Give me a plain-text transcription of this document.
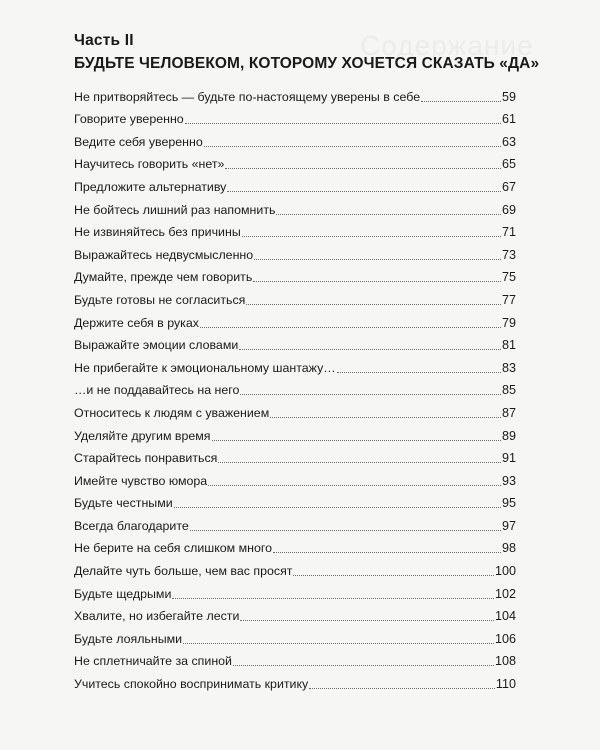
Содержание
Часть II
БУДЬТЕ ЧЕЛОВЕКОМ, КОТОРОМУ ХОЧЕТСЯ СКАЗАТЬ «ДА»
Не притворяйтесь — будьте по-настоящему уверены в себе	59
Говорите уверенно	61
Ведите себя уверенно	63
Научитесь говорить «нет»	65
Предложите альтернативу	67
Не бойтесь лишний раз напомнить	69
Не извиняйтесь без причины	71
Выражайтесь недвусмысленно	73
Думайте, прежде чем говорить	75
Будьте готовы не согласиться	77
Держите себя в руках	79
Выражайте эмоции словами	81
Не прибегайте к эмоциональному шантажу…	83
…и не поддавайтесь на него	85
Относитесь к людям с уважением	87
Уделяйте другим время	89
Старайтесь понравиться	91
Имейте чувство юмора	93
Будьте честными	95
Всегда благодарите	97
Не берите на себя слишком много	98
Делайте чуть больше, чем вас просят	100
Будьте щедрыми	102
Хвалите, но избегайте лести	104
Будьте лояльными	106
Не сплетничайте за спиной	108
Учитесь спокойно воспринимать критику	110
